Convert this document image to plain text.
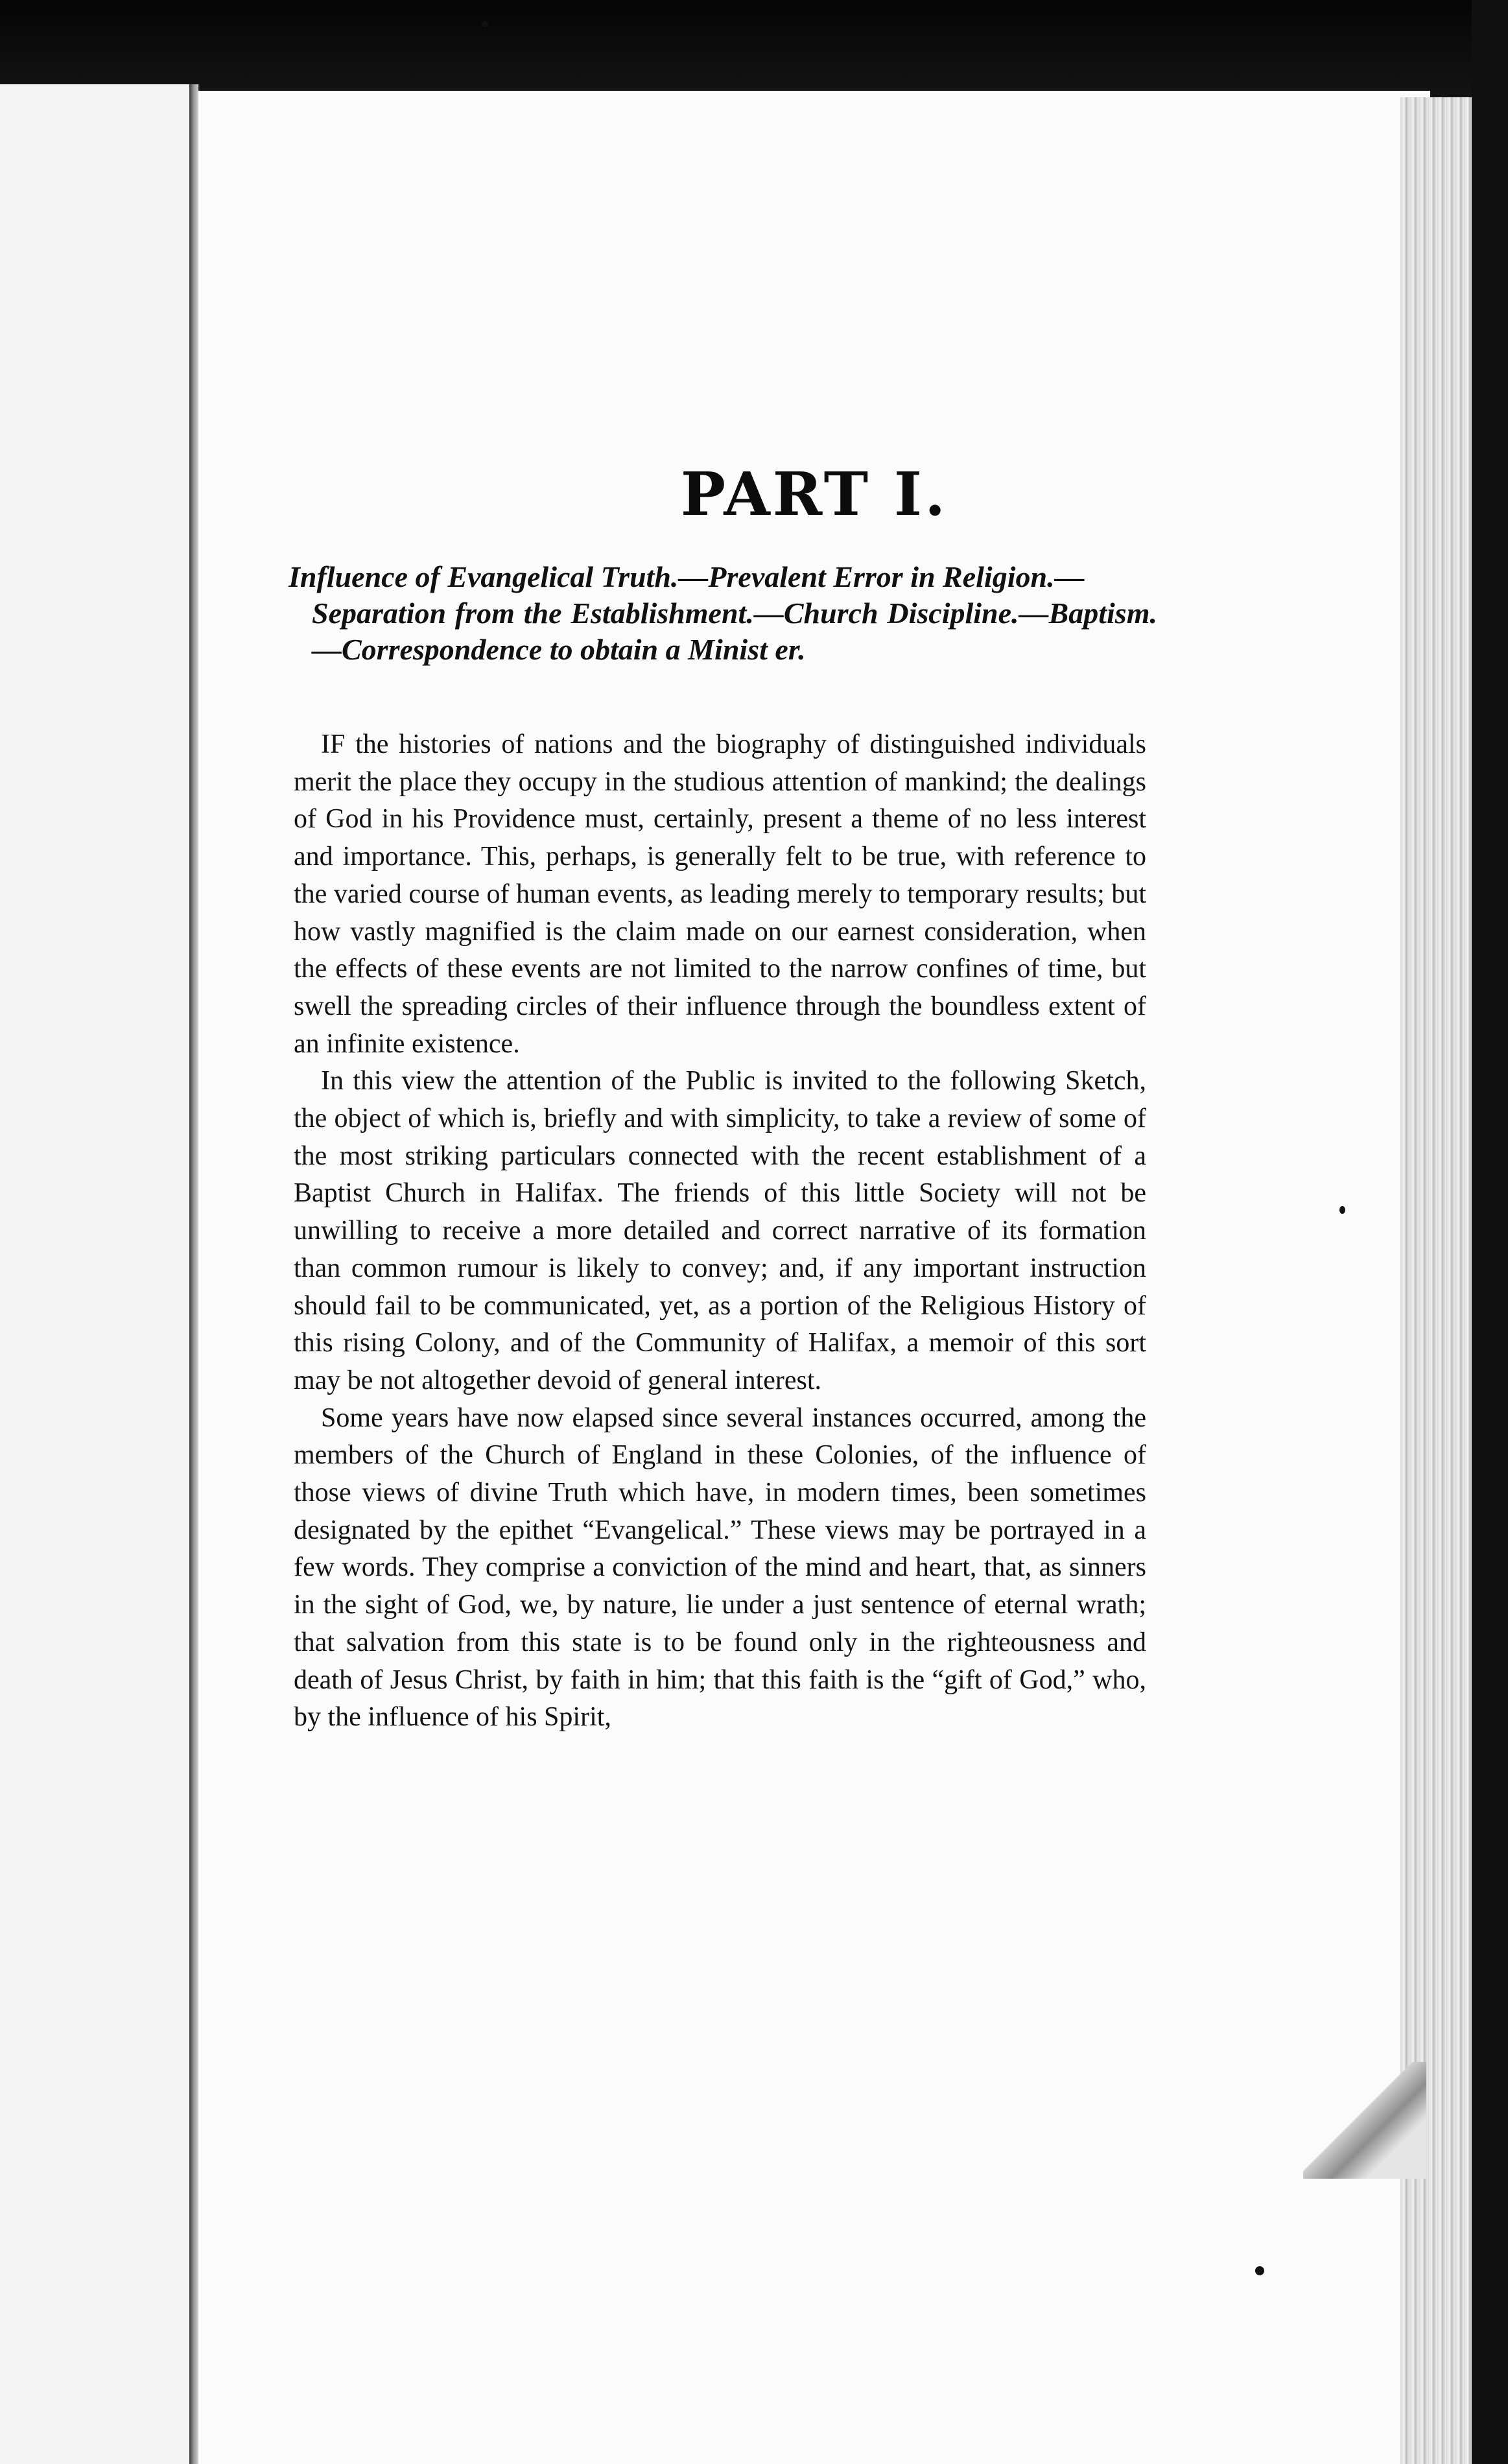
PART I.

Influence of Evangelical Truth.—Prevalent Error in Religion.—
Separation from the Establishment.—Church Discipline.—Baptism.—Correspondence to obtain a Minist er.

IF the histories of nations and the biography of distinguished individuals merit the place they occupy in the studious attention of mankind; the dealings of God in his Providence must, certainly, present a theme of no less interest and importance. This, perhaps, is generally felt to be true, with reference to the varied course of human events, as leading merely to temporary results; but how vastly magnified is the claim made on our earnest consideration, when the effects of these events are not limited to the narrow confines of time, but swell the spreading circles of their influence through the boundless extent of an infinite existence.

In this view the attention of the Public is invited to the following Sketch, the object of which is, briefly and with simplicity, to take a review of some of the most striking particulars connected with the recent establishment of a Baptist Church in Halifax. The friends of this little Society will not be unwilling to receive a more detailed and correct narrative of its formation than common rumour is likely to convey; and, if any important instruction should fail to be communicated, yet, as a portion of the Religious History of this rising Colony, and of the Community of Halifax, a memoir of this sort may be not altogether devoid of general interest.

Some years have now elapsed since several instances occurred, among the members of the Church of England in these Colonies, of the influence of those views of divine Truth which have, in modern times, been sometimes designated by the epithet “Evangelical.” These views may be portrayed in a few words. They comprise a conviction of the mind and heart, that, as sinners in the sight of God, we, by nature, lie under a just sentence of eternal wrath; that salvation from this state is to be found only in the righteousness and death of Jesus Christ, by faith in him; that this faith is the “gift of God,” who, by the influence of his Spirit,
